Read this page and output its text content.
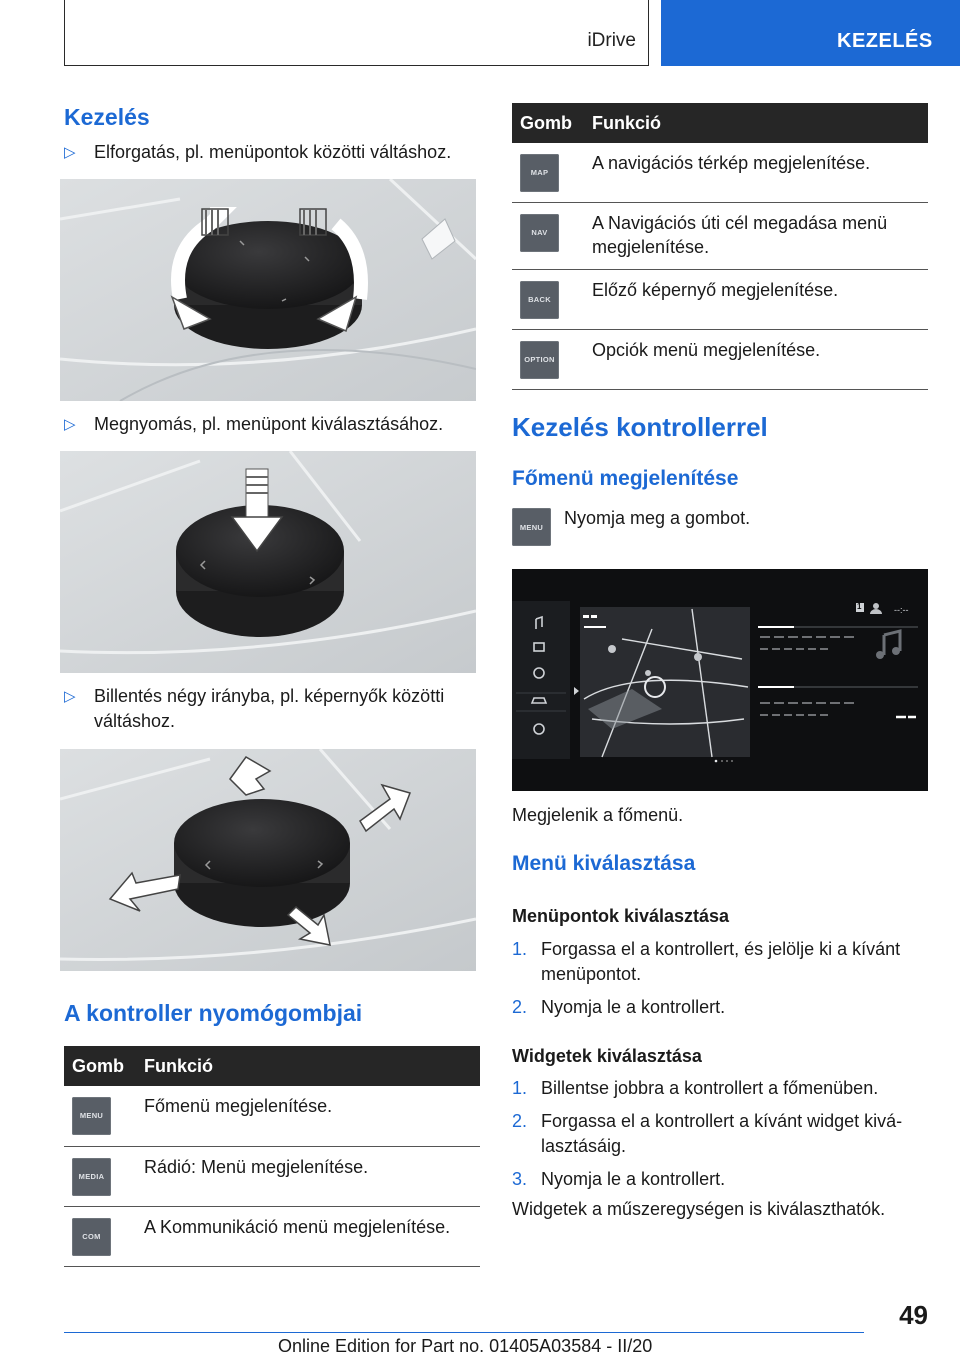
iDrive	KEZELÉS
Kezelés
▷	Elforgatás, pl. menüpontok közötti váltáshoz.
▷	Megnyomás, pl. menüpont kiválasztásához.
▷	Billentés négy irányba, pl. képernyők közötti váltáshoz.
A kontroller nyomógombjai
Gomb	Funkció

MENU	Főmenü megjelenítése.

MEDIA	Rádió: Menü megjelenítése.

COM	A Kommunikáció menü megjelenítése.
Gomb	Funkció

MAP	A navigációs térkép megjelenítése.

NAV	A Navigációs úti cél megadása menü megjelenítése.

BACK	Előző képernyő megjelenítése.

OPTION	Opciók menü megjelenítése.
Kezelés kontrollerrel
Főmenü megjelenítése
MENU	Nyomja meg a gombot.
--:--
1
Megjelenik a főmenü.
Menü kiválasztása
Menüpontok kiválasztása
1. Forgassa el a kontrollert, és jelölje ki a kívánt menüpontot.
2. Nyomja le a kontrollert.
Widgetek kiválasztása
1. Billentse jobbra a kontrollert a főmenüben.
2. Forgassa el a kontrollert a kívánt widget kivá-lasztásáig.
3. Nyomja le a kontrollert.
Widgetek a műszeregységen is kiválaszthatók.
49
Online Edition for Part no. 01405A03584 - II/20
